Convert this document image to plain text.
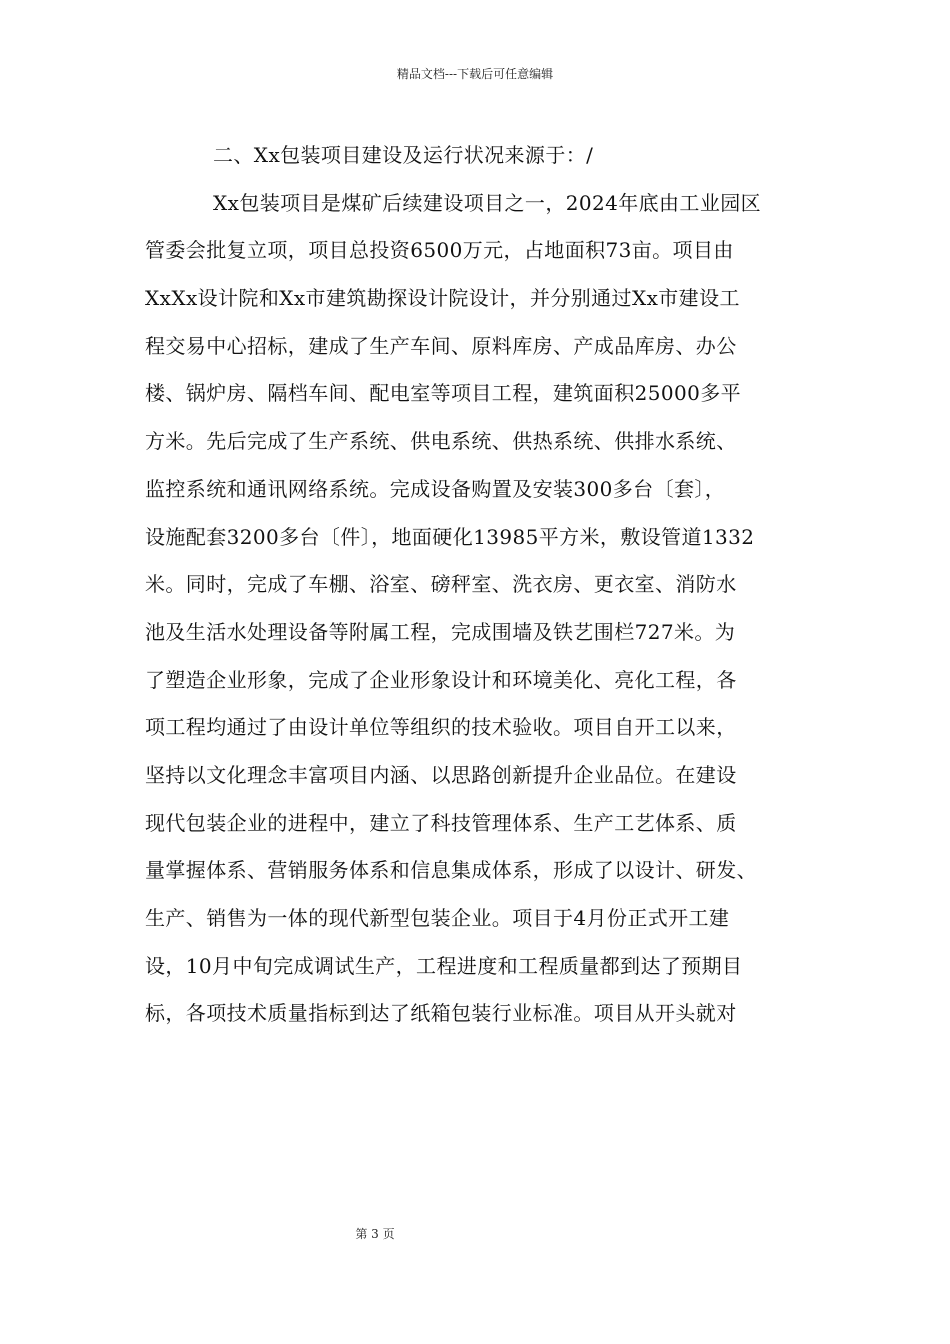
精品文档---下载后可任意编辑
二、Xx包装项目建设及运行状况来源于：/
Xx包装项目是煤矿后续建设项目之一，2024年底由工业园区
管委会批复立项，项目总投资6500万元，占地面积73亩。项目由
XxXx设计院和Xx市建筑勘探设计院设计，并分别通过Xx市建设工
程交易中心招标，建成了生产车间、原料库房、产成品库房、办公
楼、锅炉房、隔档车间、配电室等项目工程，建筑面积25000多平
方米。先后完成了生产系统、供电系统、供热系统、供排水系统、
监控系统和通讯网络系统。完成设备购置及安装300多台〔套〕，
设施配套3200多台〔件〕，地面硬化13985平方米，敷设管道1332
米。同时，完成了车棚、浴室、磅秤室、洗衣房、更衣室、消防水
池及生活水处理设备等附属工程，完成围墙及铁艺围栏727米。为
了塑造企业形象，完成了企业形象设计和环境美化、亮化工程，各
项工程均通过了由设计单位等组织的技术验收。项目自开工以来，
坚持以文化理念丰富项目内涵、以思路创新提升企业品位。在建设
现代包装企业的进程中，建立了科技管理体系、生产工艺体系、质
量掌握体系、营销服务体系和信息集成体系，形成了以设计、研发、
生产、销售为一体的现代新型包装企业。项目于4月份正式开工建
设，10月中旬完成调试生产，工程进度和工程质量都到达了预期目
标，各项技术质量指标到达了纸箱包装行业标准。项目从开头就对
第 3 页
